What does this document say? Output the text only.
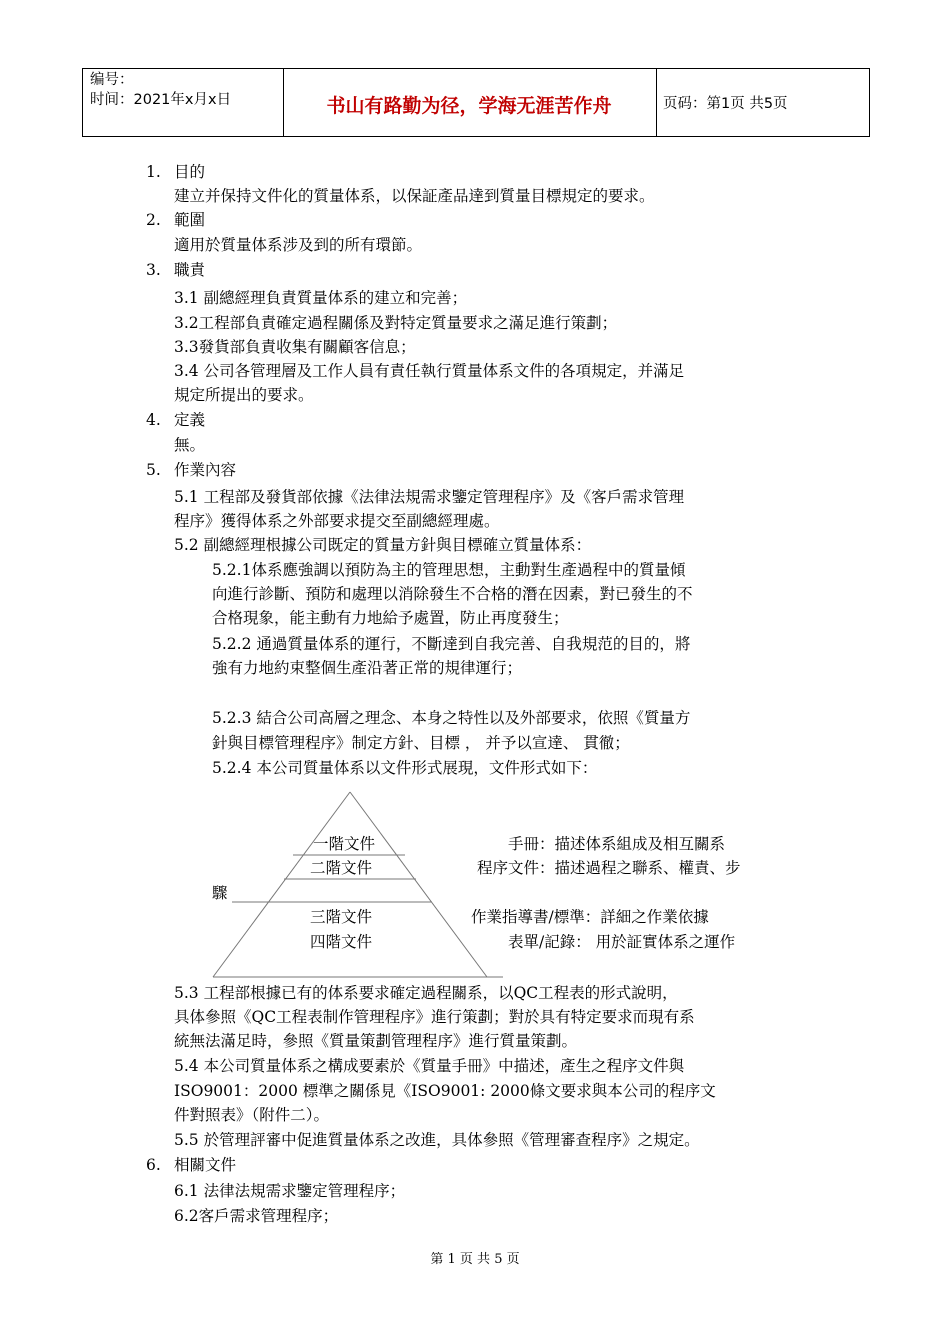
编号：
时间：2021年x月x日	书山有路勤为径，学海无涯苦作舟	页码：第1页 共5页
1. 目的
建立并保持文件化的質量体系，以保証產品達到質量目標規定的要求。
2. 範圍
適用於質量体系涉及到的所有環節。
3. 職責
3.1 副總經理負責質量体系的建立和完善；
3.2工程部負責確定過程關係及對特定質量要求之滿足進行策劃；
3.3發貨部負責收集有關顧客信息；
3.4 公司各管理層及工作人員有責任執行質量体系文件的各項規定，并滿足
規定所提出的要求。
4. 定義
無。
5. 作業內容
5.1 工程部及發貨部依據《法律法規需求鑒定管理程序》及《客戶需求管理
程序》獲得体系之外部要求提交至副總經理處。
5.2 副總經理根據公司既定的質量方針與目標確立質量体系：
5.2.1体系應強調以預防為主的管理思想，主動對生產過程中的質量傾
向進行診斷、預防和處理以消除發生不合格的潛在因素，對已發生的不
合格現象，能主動有力地給予處置，防止再度發生；
5.2.2 通過質量体系的運行，不斷達到自我完善、自我規范的目的，將
強有力地約束整個生產沿著正常的規律運行；
5.2.3 結合公司高層之理念、本身之特性以及外部要求，依照《質量方
針與目標管理程序》制定方針、目標 ， 并予以宣達、 貫徹；
5.2.4 本公司質量体系以文件形式展現，文件形式如下：
一階文件
二階文件
三階文件
四階文件
手冊：描述体系組成及相互關系
程序文件：描述過程之聯系、權責、步
驟
作業指導書/標準：詳細之作業依據
表單/記錄： 用於証實体系之運作
5.3 工程部根據已有的体系要求確定過程關系，以QC工程表的形式說明，
具体參照《QC工程表制作管理程序》進行策劃；對於具有特定要求而現有系
統無法滿足時，參照《質量策劃管理程序》進行質量策劃。
5.4 本公司質量体系之構成要素於《質量手冊》中描述，產生之程序文件與
ISO9001：2000 標準之關係見《ISO9001: 2000條文要求與本公司的程序文
件對照表》（附件二）。
5.5 於管理評審中促進質量体系之改進，具体參照《管理審查程序》之規定。
6. 相關文件
6.1 法律法規需求鑒定管理程序；
6.2客戶需求管理程序；
第 1 页 共 5 页
